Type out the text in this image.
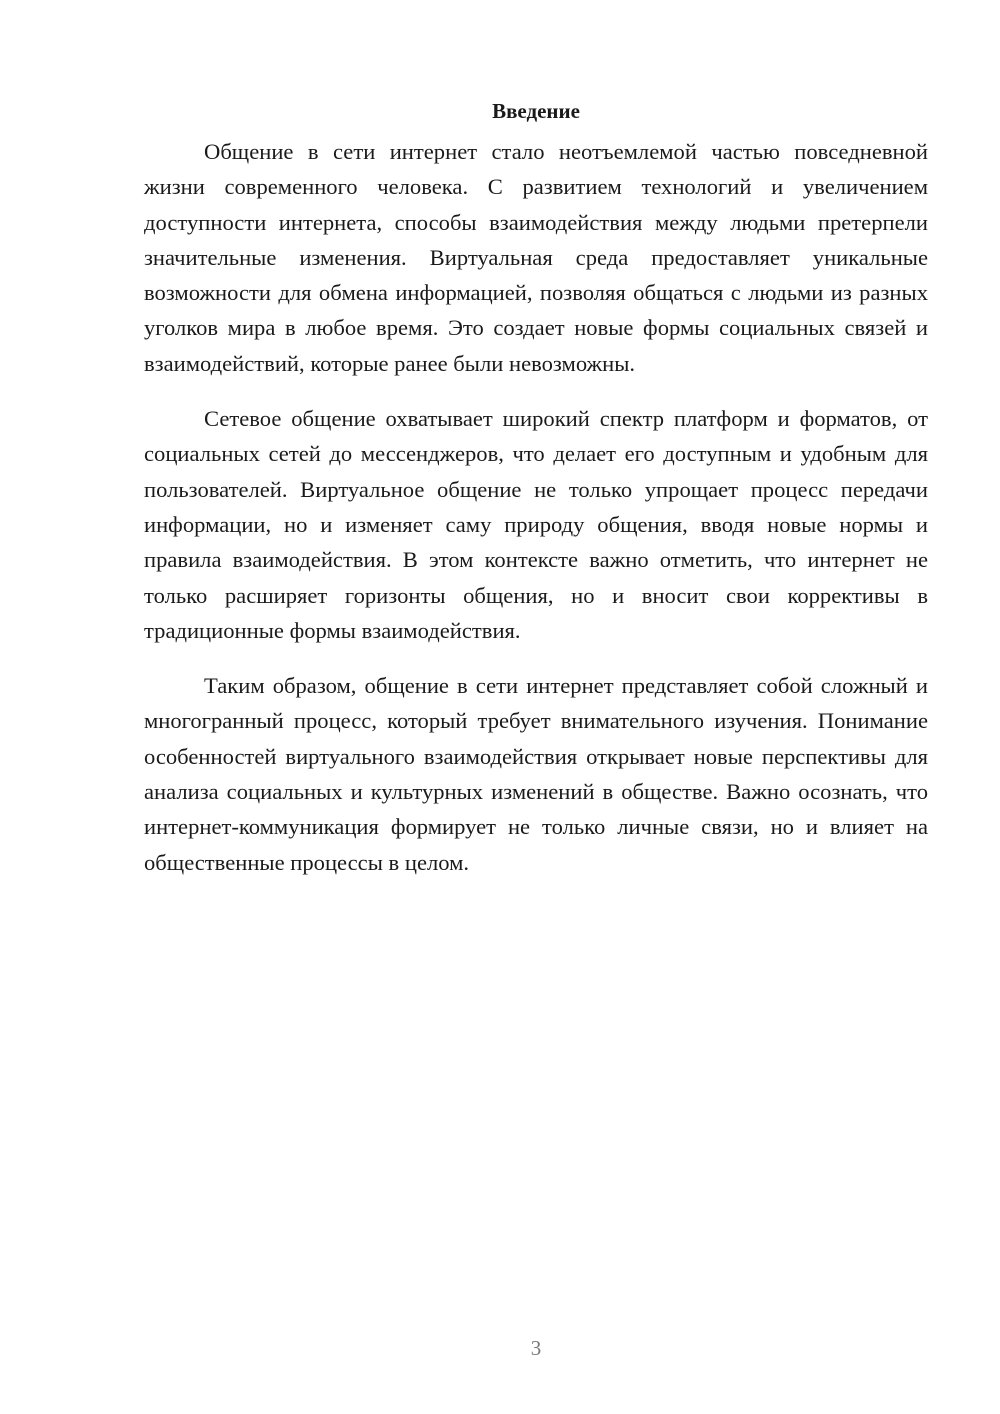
Введение

Общение в сети интернет стало неотъемлемой частью повседневной жизни современного человека. С развитием технологий и увеличением доступности интернета, способы взаимодействия между людьми претерпели значительные изменения. Виртуальная среда предоставляет уникальные возможности для обмена информацией, позволяя общаться с людьми из разных уголков мира в любое время. Это создает новые формы социальных связей и взаимодействий, которые ранее были невозможны.

Сетевое общение охватывает широкий спектр платформ и форматов, от социальных сетей до мессенджеров, что делает его доступным и удобным для пользователей. Виртуальное общение не только упрощает процесс передачи информации, но и изменяет саму природу общения, вводя новые нормы и правила взаимодействия. В этом контексте важно отметить, что интернет не только расширяет горизонты общения, но и вносит свои коррективы в традиционные формы взаимодействия.

Таким образом, общение в сети интернет представляет собой сложный и многогранный процесс, который требует внимательного изучения. Понимание особенностей виртуального взаимодействия открывает новые перспективы для анализа социальных и культурных изменений в обществе. Важно осознать, что интернет-коммуникация формирует не только личные связи, но и влияет на общественные процессы в целом.

3
